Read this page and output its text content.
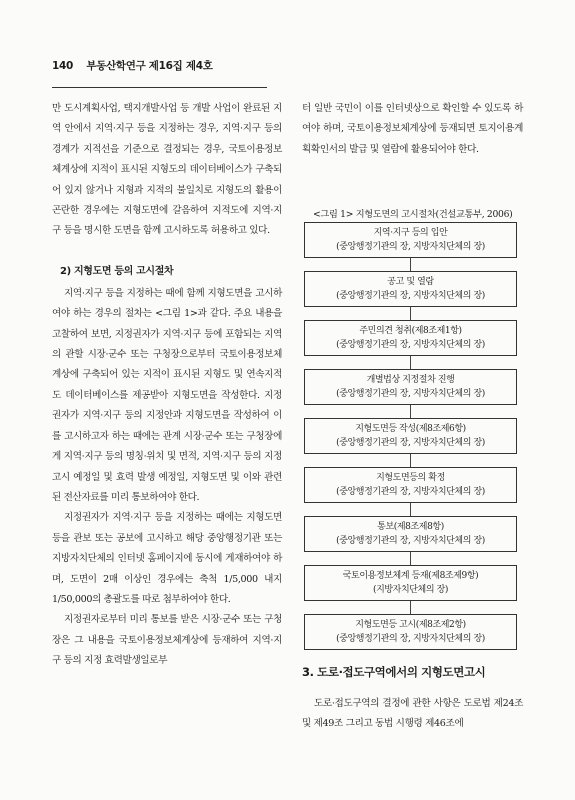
140 부동산학연구 제16집 제4호

만 도시계획사업, 택지개발사업 등 개발 사업이 완료된 지역 안에서 지역·지구 등을 지정하는 경우, 지역·지구 등의 경계가 지적선을 기준으로 결정되는 경우, 국토이용정보체계상에 지적이 표시된 지형도의 데이터베이스가 구축되어 있지 않거나 지형과 지적의 불일치로 지형도의 활용이 곤란한 경우에는 지형도면에 갈음하여 지적도에 지역·지구 등을 명시한 도면을 함께 고시하도록 허용하고 있다.

2) 지형도면 등의 고시절차

지역·지구 등을 지정하는 때에 함께 지형도면을 고시하여야 하는 경우의 절차는 <그림 1>과 같다. 주요 내용을 고찰하여 보면, 지정권자가 지역·지구 등에 포함되는 지역의 관할 시장·군수 또는 구청장으로부터 국토이용정보체계상에 구축되어 있는 지적이 표시된 지형도 및 연속지적도 데이터베이스를 제공받아 지형도면을 작성한다. 지정권자가 지역·지구 등의 지정안과 지형도면을 작성하여 이를 고시하고자 하는 때에는 관계 시장·군수 또는 구청장에게 지역·지구 등의 명칭·위치 및 면적, 지역·지구 등의 지정 고시 예정일 및 효력 발생 예정일, 지형도면 및 이와 관련된 전산자료를 미리 통보하여야 한다.

지정권자가 지역·지구 등을 지정하는 때에는 지형도면 등을 관보 또는 공보에 고시하고 해당 중앙행정기관 또는 지방자치단체의 인터넷 홈페이지에 동시에 게재하여야 하며, 도면이 2매 이상인 경우에는 축척 1/5,000 내지 1/50,000의 총괄도를 따로 첨부하여야 한다.

지정권자로부터 미리 통보를 받은 시장·군수 또는 구청장은 그 내용을 국토이용정보체계상에 등재하여 지역·지구 등의 지정 효력발생일로부

터 일반 국민이 이를 인터넷상으로 확인할 수 있도록 하여야 하며, 국토이용정보체계상에 등재되면 토지이용계획확인서의 발급 및 열람에 활용되어야 한다.

<그림 1> 지형도면의 고시절차(건설교통부, 2006)
지역·지구 등의 입안
(중앙행정기관의 장, 지방자치단체의 장)
공고 및 열람
(중앙행정기관의 장, 지방자치단체의 장)
주민의견 청취(제8조제1항)
(중앙행정기관의 장, 지방자치단체의 장)
개별법상 지정절차 진행
(중앙행정기관의 장, 지방자치단체의 장)
지형도면등 작성(제8조제6항)
(중앙행정기관의 장, 지방자치단체의 장)
지형도면등의 확정
(중앙행정기관의 장, 지방자치단체의 장)
통보(제8조제8항)
(중앙행정기관의 장, 지방자치단체의 장)
국토이용정보체계 등재(제8조제9항)
(지방자치단체의 장)
지형도면등 고시(제8조제2항)
(중앙행정기관의 장, 지방자치단체의 장)
3. 도로·접도구역에서의 지형도면고시

도로·접도구역의 결정에 관한 사항은 도로법 제24조 및 제49조 그리고 동법 시행령 제46조에
